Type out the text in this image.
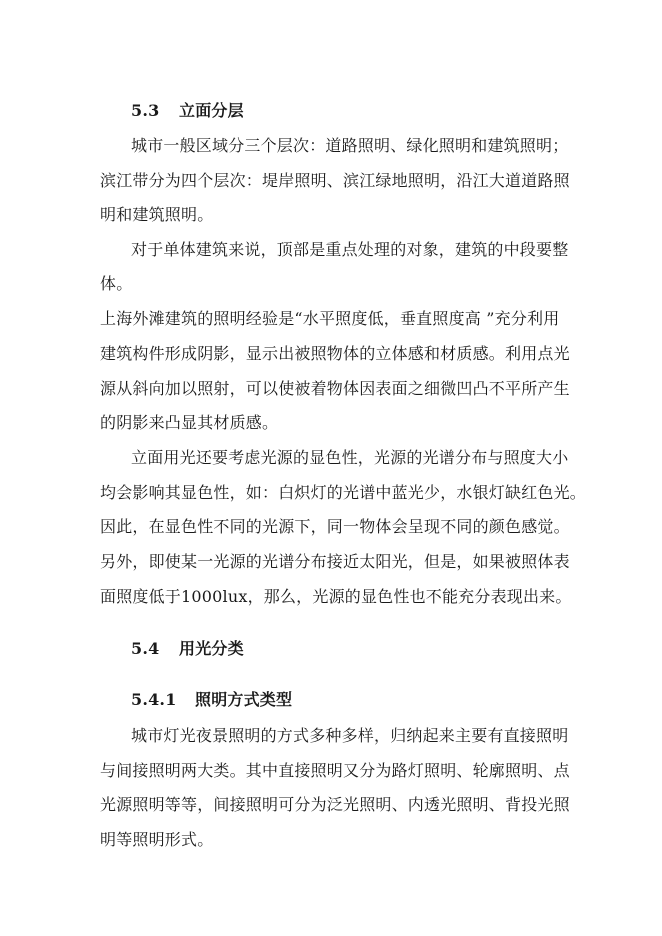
5.3 立面分层
城市一般区域分三个层次：道路照明、绿化照明和建筑照明；
滨江带分为四个层次：堤岸照明、滨江绿地照明，沿江大道道路照
明和建筑照明。
对于单体建筑来说，顶部是重点处理的对象，建筑的中段要整
体。
上海外滩建筑的照明经验是“水平照度低，垂直照度高 ”充分利用
建筑构件形成阴影，显示出被照物体的立体感和材质感。利用点光
源从斜向加以照射，可以使被着物体因表面之细微凹凸不平所产生
的阴影来凸显其材质感。
立面用光还要考虑光源的显色性，光源的光谱分布与照度大小
均会影响其显色性，如：白炽灯的光谱中蓝光少，水银灯缺红色光。
因此，在显色性不同的光源下，同一物体会呈现不同的颜色感觉。
另外，即使某一光源的光谱分布接近太阳光，但是，如果被照体表
面照度低于1000lux，那么，光源的显色性也不能充分表现出来。
5.4 用光分类
5.4.1 照明方式类型
城市灯光夜景照明的方式多种多样，归纳起来主要有直接照明
与间接照明两大类。其中直接照明又分为路灯照明、轮廓照明、点
光源照明等等，间接照明可分为泛光照明、内透光照明、背投光照
明等照明形式。
